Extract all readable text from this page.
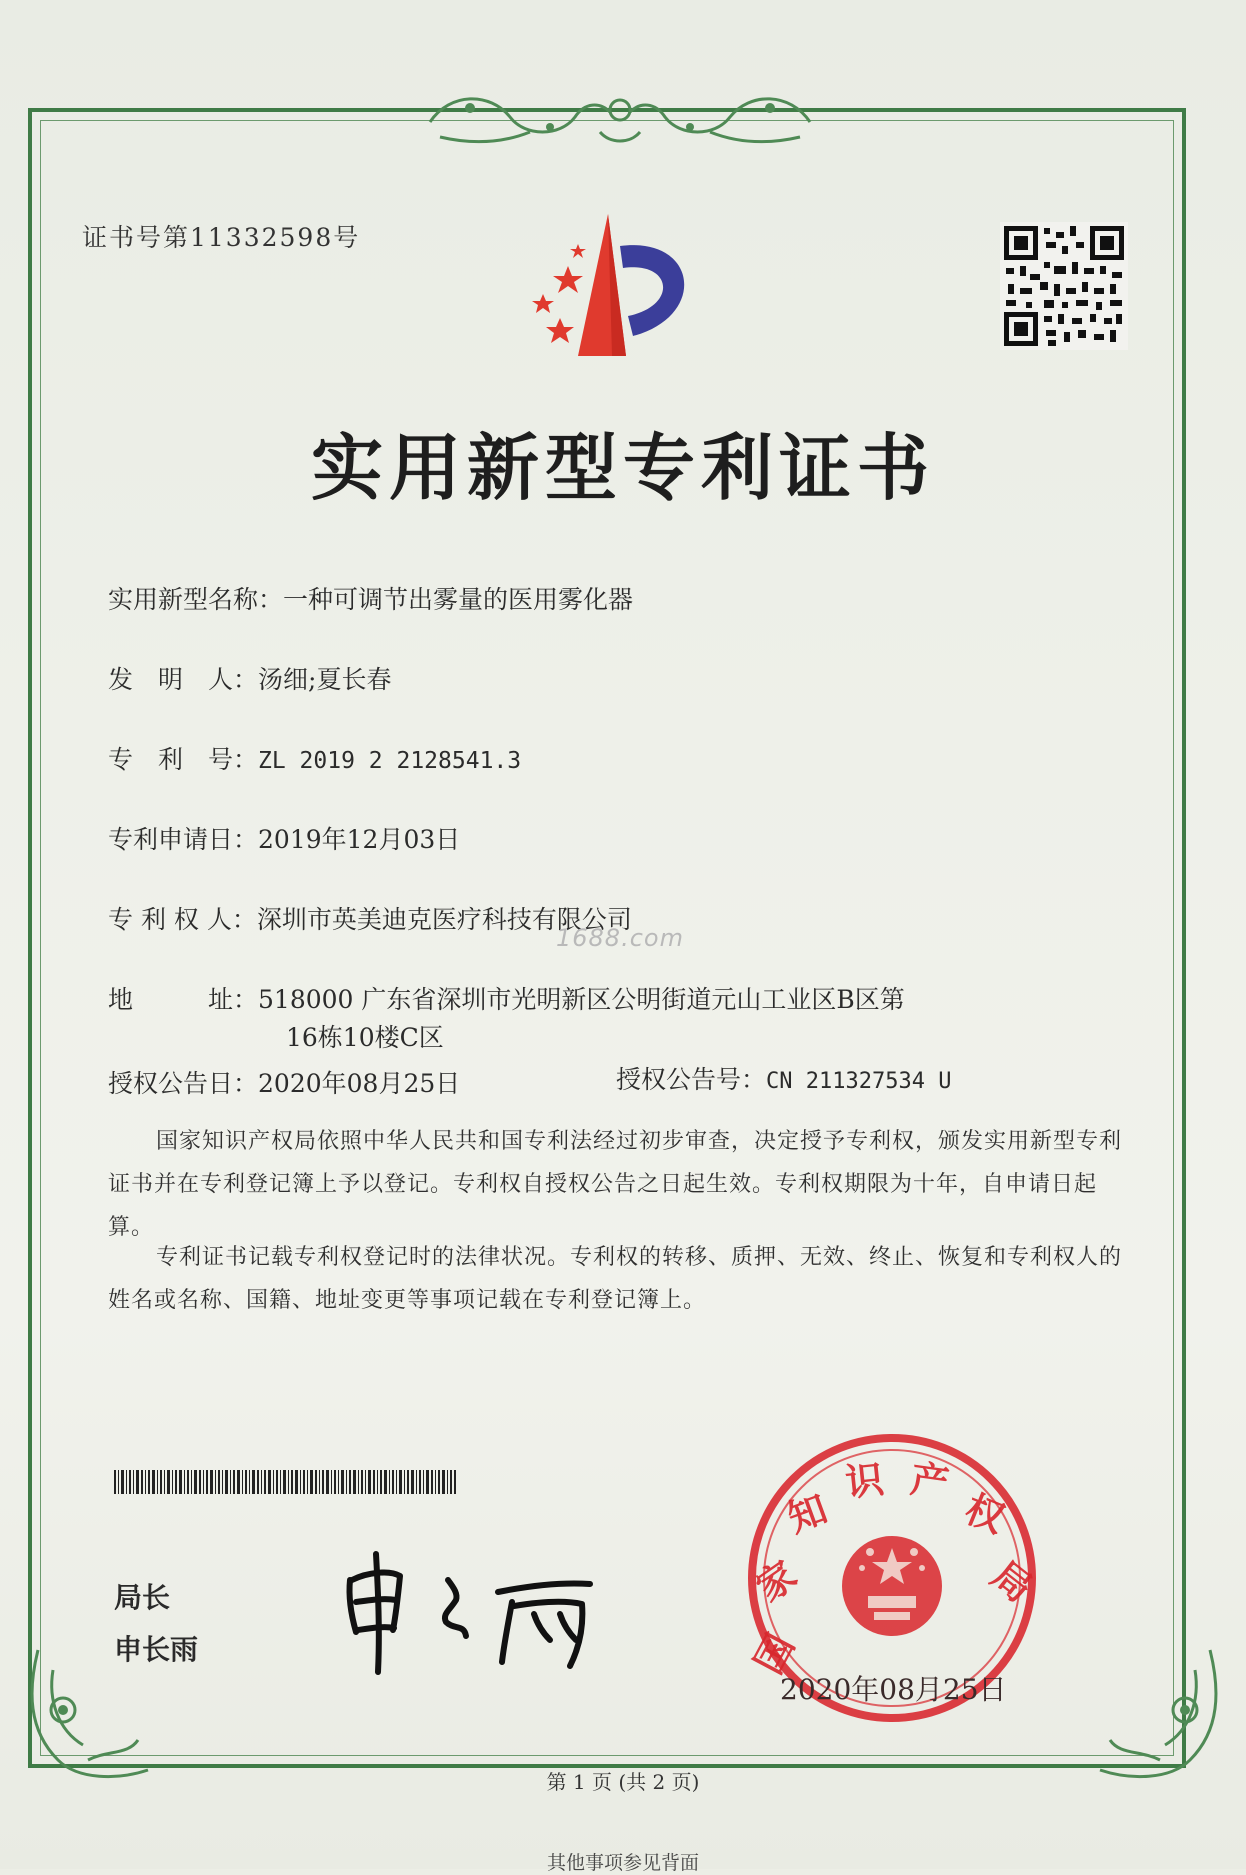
证书号第11332598号
实用新型专利证书
实用新型名称：一种可调节出雾量的医用雾化器
发　明　人：汤细;夏长春
专　利　号：ZL 2019 2 2128541.3
专利申请日：2019年12月03日
专 利 权 人：深圳市英美迪克医疗科技有限公司
1688.com
地　　　址：518000 广东省深圳市光明新区公明街道元山工业区B区第
16栋10楼C区
授权公告日：2020年08月25日	授权公告号：CN 211327534 U
国家知识产权局依照中华人民共和国专利法经过初步审查，决定授予专利权，颁发实用新型专利证书并在专利登记簿上予以登记。专利权自授权公告之日起生效。专利权期限为十年，自申请日起算。
专利证书记载专利权登记时的法律状况。专利权的转移、质押、无效、终止、恢复和专利权人的姓名或名称、国籍、地址变更等事项记载在专利登记簿上。
局长
申长雨	国
家
知
识 产
权
局
2020年08月25日
第 1 页 (共 2 页)
其他事项参见背面
